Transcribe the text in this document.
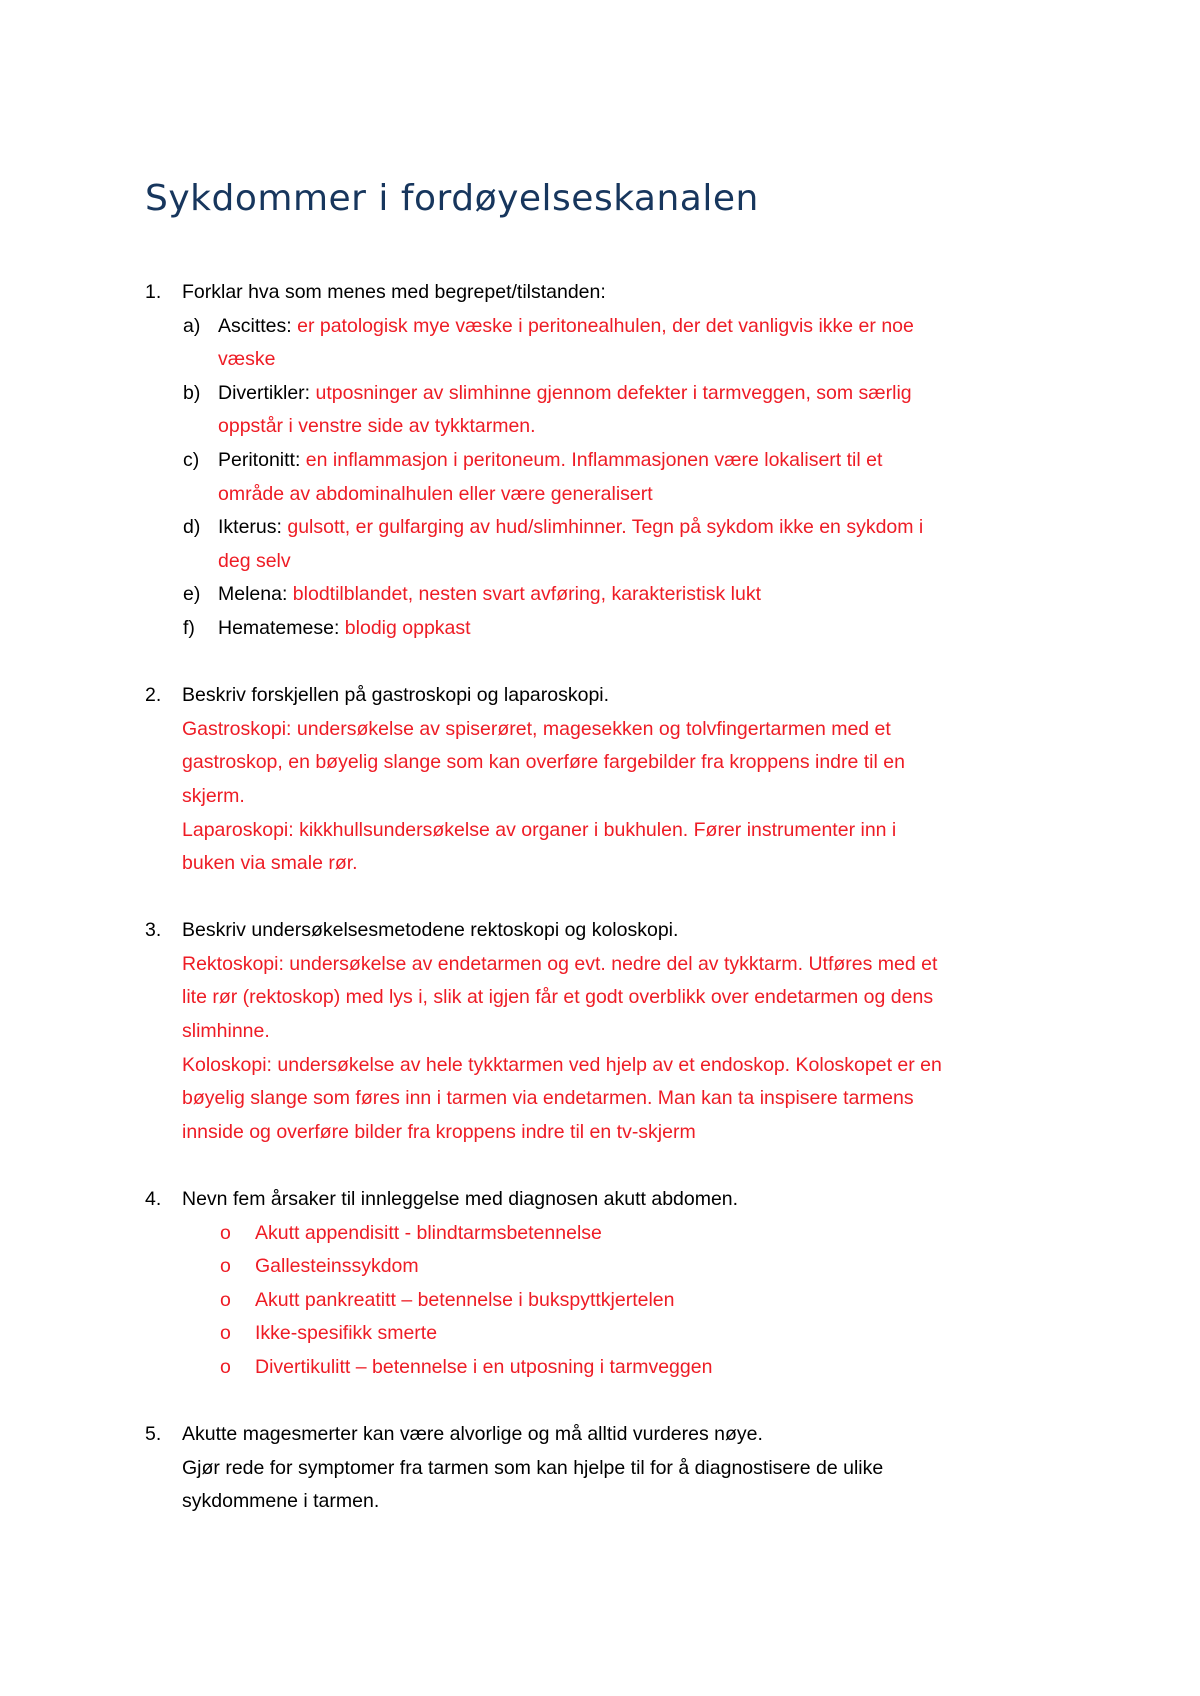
Sykdommer i fordøyelseskanalen
1. Forklar hva som menes med begrepet/tilstanden:
a) Ascittes: er patologisk mye væske i peritonealhulen, der det vanligvis ikke er noe
væske
b) Divertikler: utposninger av slimhinne gjennom defekter i tarmveggen, som særlig
oppstår i venstre side av tykktarmen.
c) Peritonitt: en inflammasjon i peritoneum. Inflammasjonen være lokalisert til et
område av abdominalhulen eller være generalisert
d) Ikterus: gulsott, er gulfarging av hud/slimhinner. Tegn på sykdom ikke en sykdom i
deg selv
e) Melena: blodtilblandet, nesten svart avføring, karakteristisk lukt
f) Hematemese: blodig oppkast
2. Beskriv forskjellen på gastroskopi og laparoskopi.
Gastroskopi: undersøkelse av spiserøret, magesekken og tolvfingertarmen med et
gastroskop, en bøyelig slange som kan overføre fargebilder fra kroppens indre til en
skjerm.
Laparoskopi: kikkhullsundersøkelse av organer i bukhulen. Fører instrumenter inn i
buken via smale rør.
3. Beskriv undersøkelsesmetodene rektoskopi og koloskopi.
Rektoskopi: undersøkelse av endetarmen og evt. nedre del av tykktarm. Utføres med et
lite rør (rektoskop) med lys i, slik at igjen får et godt overblikk over endetarmen og dens
slimhinne.
Koloskopi: undersøkelse av hele tykktarmen ved hjelp av et endoskop. Koloskopet er en
bøyelig slange som føres inn i tarmen via endetarmen. Man kan ta inspisere tarmens
innside og overføre bilder fra kroppens indre til en tv-skjerm
4. Nevn fem årsaker til innleggelse med diagnosen akutt abdomen.
o Akutt appendisitt - blindtarmsbetennelse
o Gallesteinssykdom
o Akutt pankreatitt – betennelse i bukspyttkjertelen
o Ikke-spesifikk smerte
o Divertikulitt – betennelse i en utposning i tarmveggen
5. Akutte magesmerter kan være alvorlige og må alltid vurderes nøye.
Gjør rede for symptomer fra tarmen som kan hjelpe til for å diagnostisere de ulike
sykdommene i tarmen.
